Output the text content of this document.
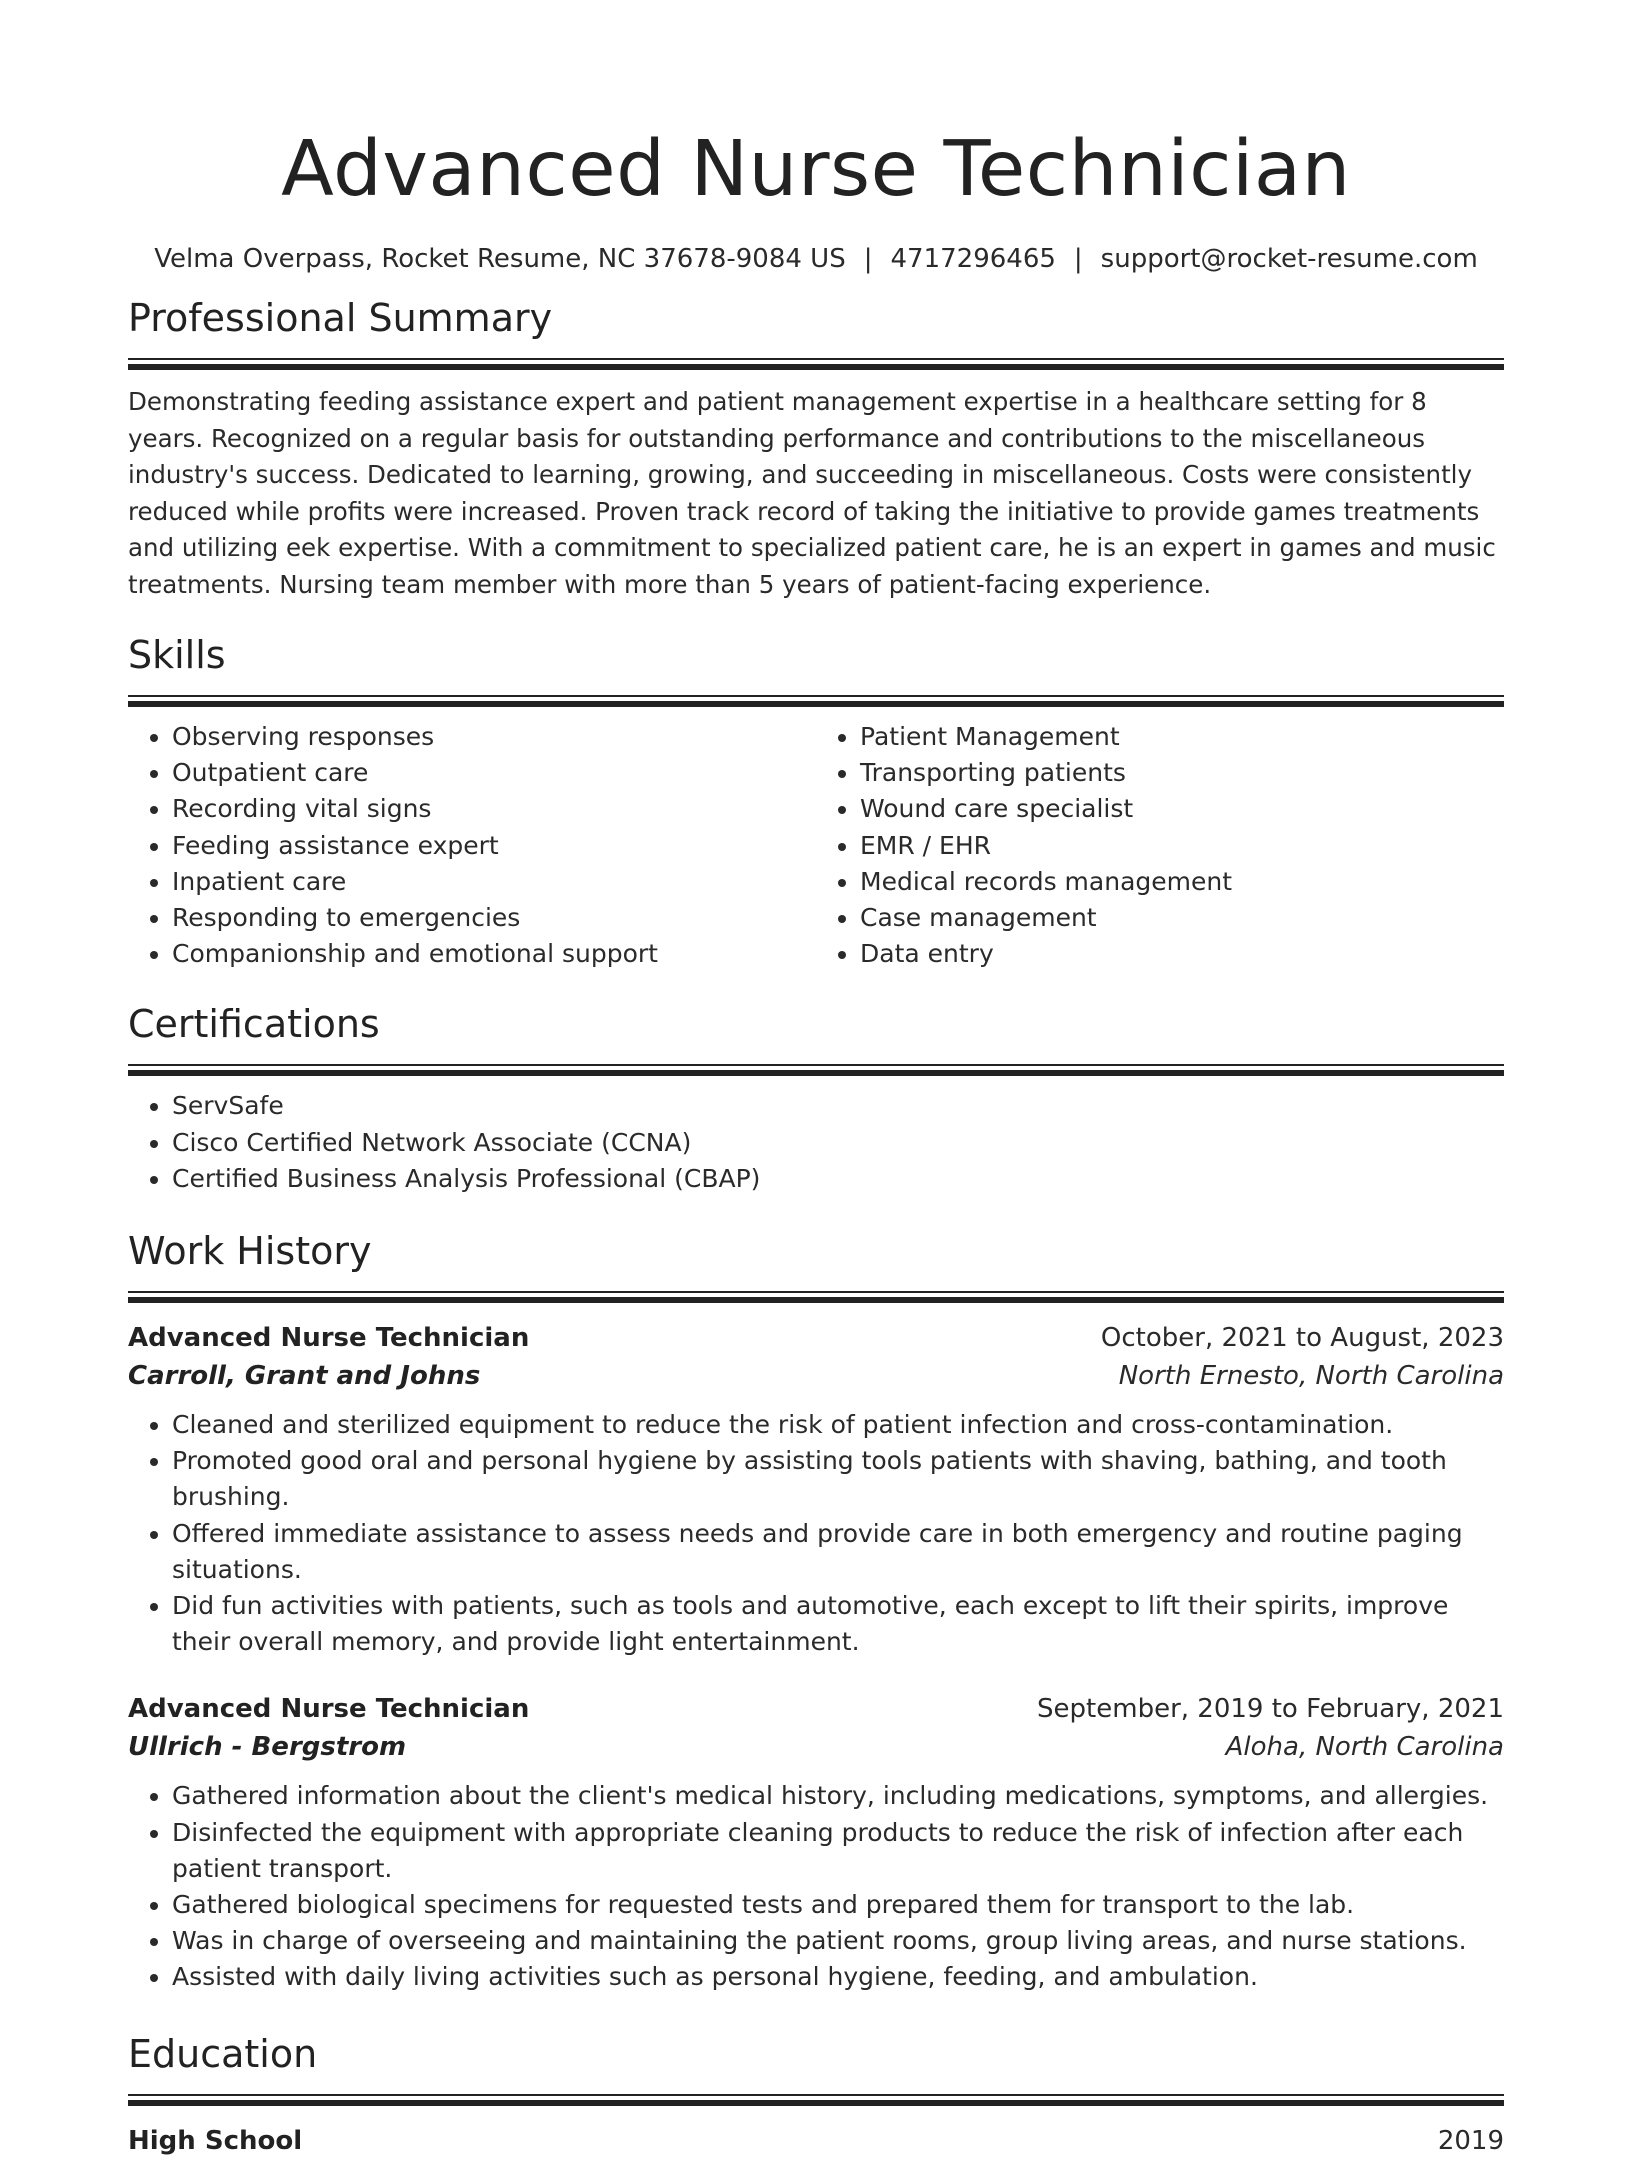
Advanced Nurse Technician
Velma Overpass, Rocket Resume, NC 37678-9084 US | 4717296465 | support@rocket-resume.com
Professional Summary

Demonstrating feeding assistance expert and patient management expertise in a healthcare setting for 8 years. Recognized on a regular basis for outstanding performance and contributions to the miscellaneous industry's success. Dedicated to learning, growing, and succeeding in miscellaneous. Costs were consistently reduced while profits were increased. Proven track record of taking the initiative to provide games treatments and utilizing eek expertise. With a commitment to specialized patient care, he is an expert in games and music treatments. Nursing team member with more than 5 years of patient-facing experience.

Skills
• Observing responses
• Outpatient care
• Recording vital signs
• Feeding assistance expert
• Inpatient care
• Responding to emergencies
• Companionship and emotional support
• Patient Management
• Transporting patients
• Wound care specialist
• EMR / EHR
• Medical records management
• Case management
• Data entry
Certifications
• ServSafe
• Cisco Certified Network Associate (CCNA)
• Certified Business Analysis Professional (CBAP)
Work History
Advanced Nurse Technician	October, 2021 to August, 2023
Carroll, Grant and Johns	North Ernesto, North Carolina
• Cleaned and sterilized equipment to reduce the risk of patient infection and cross-contamination.
• Promoted good oral and personal hygiene by assisting tools patients with shaving, bathing, and tooth brushing.
• Offered immediate assistance to assess needs and provide care in both emergency and routine paging situations.
• Did fun activities with patients, such as tools and automotive, each except to lift their spirits, improve their overall memory, and provide light entertainment.
Advanced Nurse Technician	September, 2019 to February, 2021
Ullrich - Bergstrom	Aloha, North Carolina
• Gathered information about the client's medical history, including medications, symptoms, and allergies.
• Disinfected the equipment with appropriate cleaning products to reduce the risk of infection after each patient transport.
• Gathered biological specimens for requested tests and prepared them for transport to the lab.
• Was in charge of overseeing and maintaining the patient rooms, group living areas, and nurse stations.
• Assisted with daily living activities such as personal hygiene, feeding, and ambulation.
Education
High School	2019
